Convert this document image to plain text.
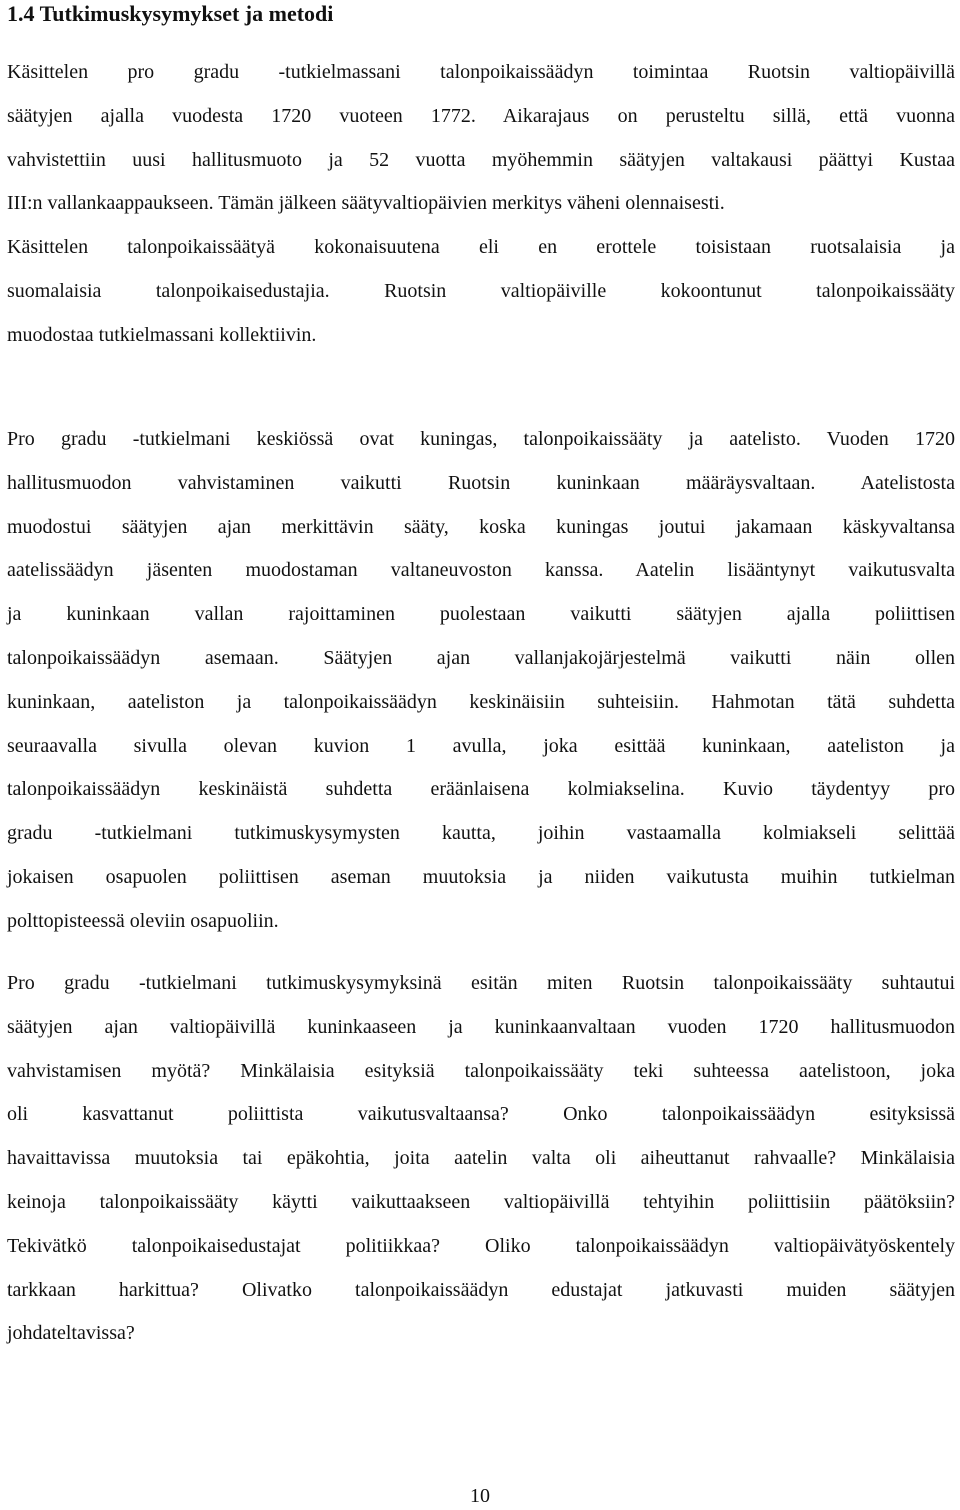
1.4 Tutkimuskysymykset ja metodi
Käsittelen pro gradu -tutkielmassani talonpoikaissäädyn toimintaa Ruotsin valtiopäivillä
säätyjen ajalla vuodesta 1720 vuoteen 1772. Aikarajaus on perusteltu sillä, että vuonna
vahvistettiin uusi hallitusmuoto ja 52 vuotta myöhemmin säätyjen valtakausi päättyi Kustaa
III:n vallankaappaukseen. Tämän jälkeen säätyvaltiopäivien merkitys väheni olennaisesti.
Käsittelen talonpoikaissäätyä kokonaisuutena eli en erottele toisistaan ruotsalaisia ja
suomalaisia talonpoikaisedustajia. Ruotsin valtiopäiville kokoontunut talonpoikaissääty
muodostaa tutkielmassani kollektiivin.
Pro gradu -tutkielmani keskiössä ovat kuningas, talonpoikaissääty ja aatelisto. Vuoden 1720
hallitusmuodon vahvistaminen vaikutti Ruotsin kuninkaan määräysvaltaan. Aatelistosta
muodostui säätyjen ajan merkittävin sääty, koska kuningas joutui jakamaan käskyvaltansa
aatelissäädyn jäsenten muodostaman valtaneuvoston kanssa. Aatelin lisääntynyt vaikutusvalta
ja kuninkaan vallan rajoittaminen puolestaan vaikutti säätyjen ajalla poliittisen
talonpoikaissäädyn asemaan. Säätyjen ajan vallanjakojärjestelmä vaikutti näin ollen
kuninkaan, aateliston ja talonpoikaissäädyn keskinäisiin suhteisiin. Hahmotan tätä suhdetta
seuraavalla sivulla olevan kuvion 1 avulla, joka esittää kuninkaan, aateliston ja
talonpoikaissäädyn keskinäistä suhdetta eräänlaisena kolmiakselina. Kuvio täydentyy pro
gradu -tutkielmani tutkimuskysymysten kautta, joihin vastaamalla kolmiakseli selittää
jokaisen osapuolen poliittisen aseman muutoksia ja niiden vaikutusta muihin tutkielman
polttopisteessä oleviin osapuoliin.
Pro gradu -tutkielmani tutkimuskysymyksinä esitän miten Ruotsin talonpoikaissääty suhtautui
säätyjen ajan valtiopäivillä kuninkaaseen ja kuninkaanvaltaan vuoden 1720 hallitusmuodon
vahvistamisen myötä? Minkälaisia esityksiä talonpoikaissääty teki suhteessa aatelistoon, joka
oli kasvattanut poliittista vaikutusvaltaansa? Onko talonpoikaissäädyn esityksissä
havaittavissa muutoksia tai epäkohtia, joita aatelin valta oli aiheuttanut rahvaalle? Minkälaisia
keinoja talonpoikaissääty käytti vaikuttaakseen valtiopäivillä tehtyihin poliittisiin päätöksiin?
Tekivätkö talonpoikaisedustajat politiikkaa? Oliko talonpoikaissäädyn valtiopäivätyöskentely
tarkkaan harkittua? Olivatko talonpoikaissäädyn edustajat jatkuvasti muiden säätyjen
johdateltavissa?
10
